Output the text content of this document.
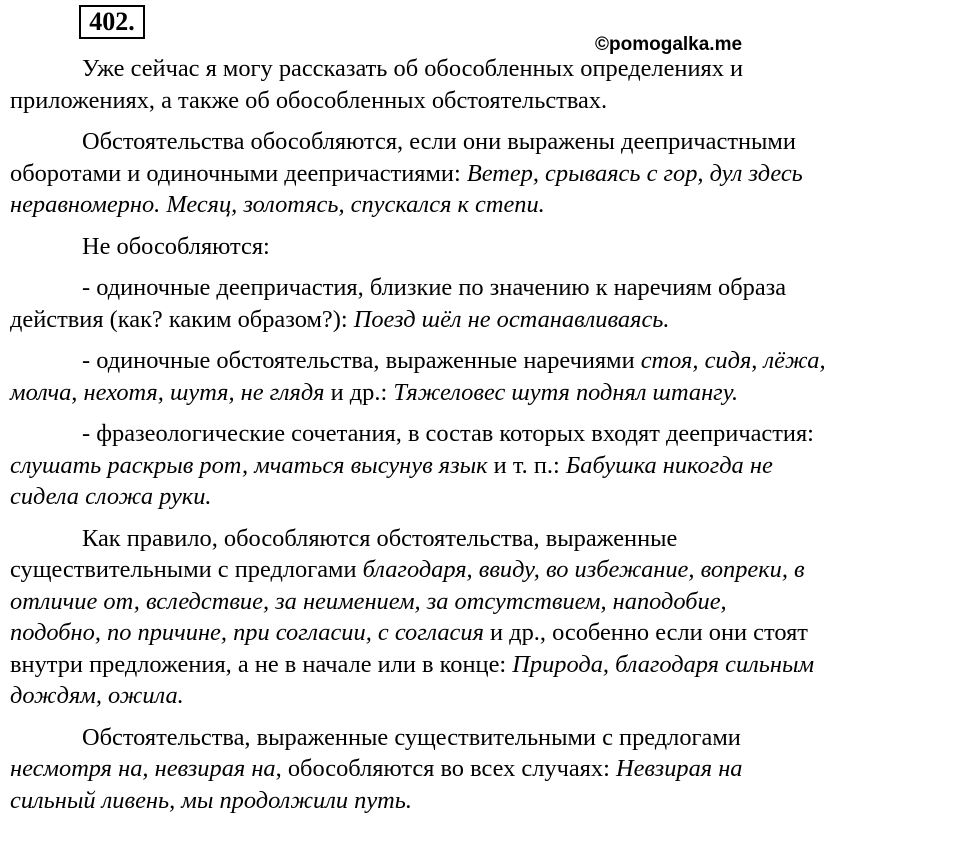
402.
©pomogalka.me

Уже сейчас я могу рассказать об обособленных определениях и
приложениях, а также об обособленных обстоятельствах.

Обстоятельства обособляются, если они выражены деепричастными
оборотами и одиночными деепричастиями: Ветер, срываясь с гор, дул здесь
неравномерно. Месяц, золотясь, спускался к степи.

Не обособляются:

- одиночные деепричастия, близкие по значению к наречиям образа
действия (как? каким образом?): Поезд шёл не останавливаясь.

- одиночные обстоятельства, выраженные наречиями стоя, сидя, лёжа,
молча, нехотя, шутя, не глядя и др.: Тяжеловес шутя поднял штангу.

- фразеологические сочетания, в состав которых входят деепричастия:
слушать раскрыв рот, мчаться высунув язык и т. п.: Бабушка никогда не
сидела сложа руки.

Как правило, обособляются обстоятельства, выраженные
существительными с предлогами благодаря, ввиду, во избежание, вопреки, в
отличие от, вследствие, за неимением, за отсутствием, наподобие,
подобно, по причине, при согласии, с согласия и др., особенно если они стоят
внутри предложения, а не в начале или в конце: Природа, благодаря сильным
дождям, ожила.

Обстоятельства, выраженные существительными с предлогами
несмотря на, невзирая на, обособляются во всех случаях: Невзирая на
сильный ливень, мы продолжили путь.
